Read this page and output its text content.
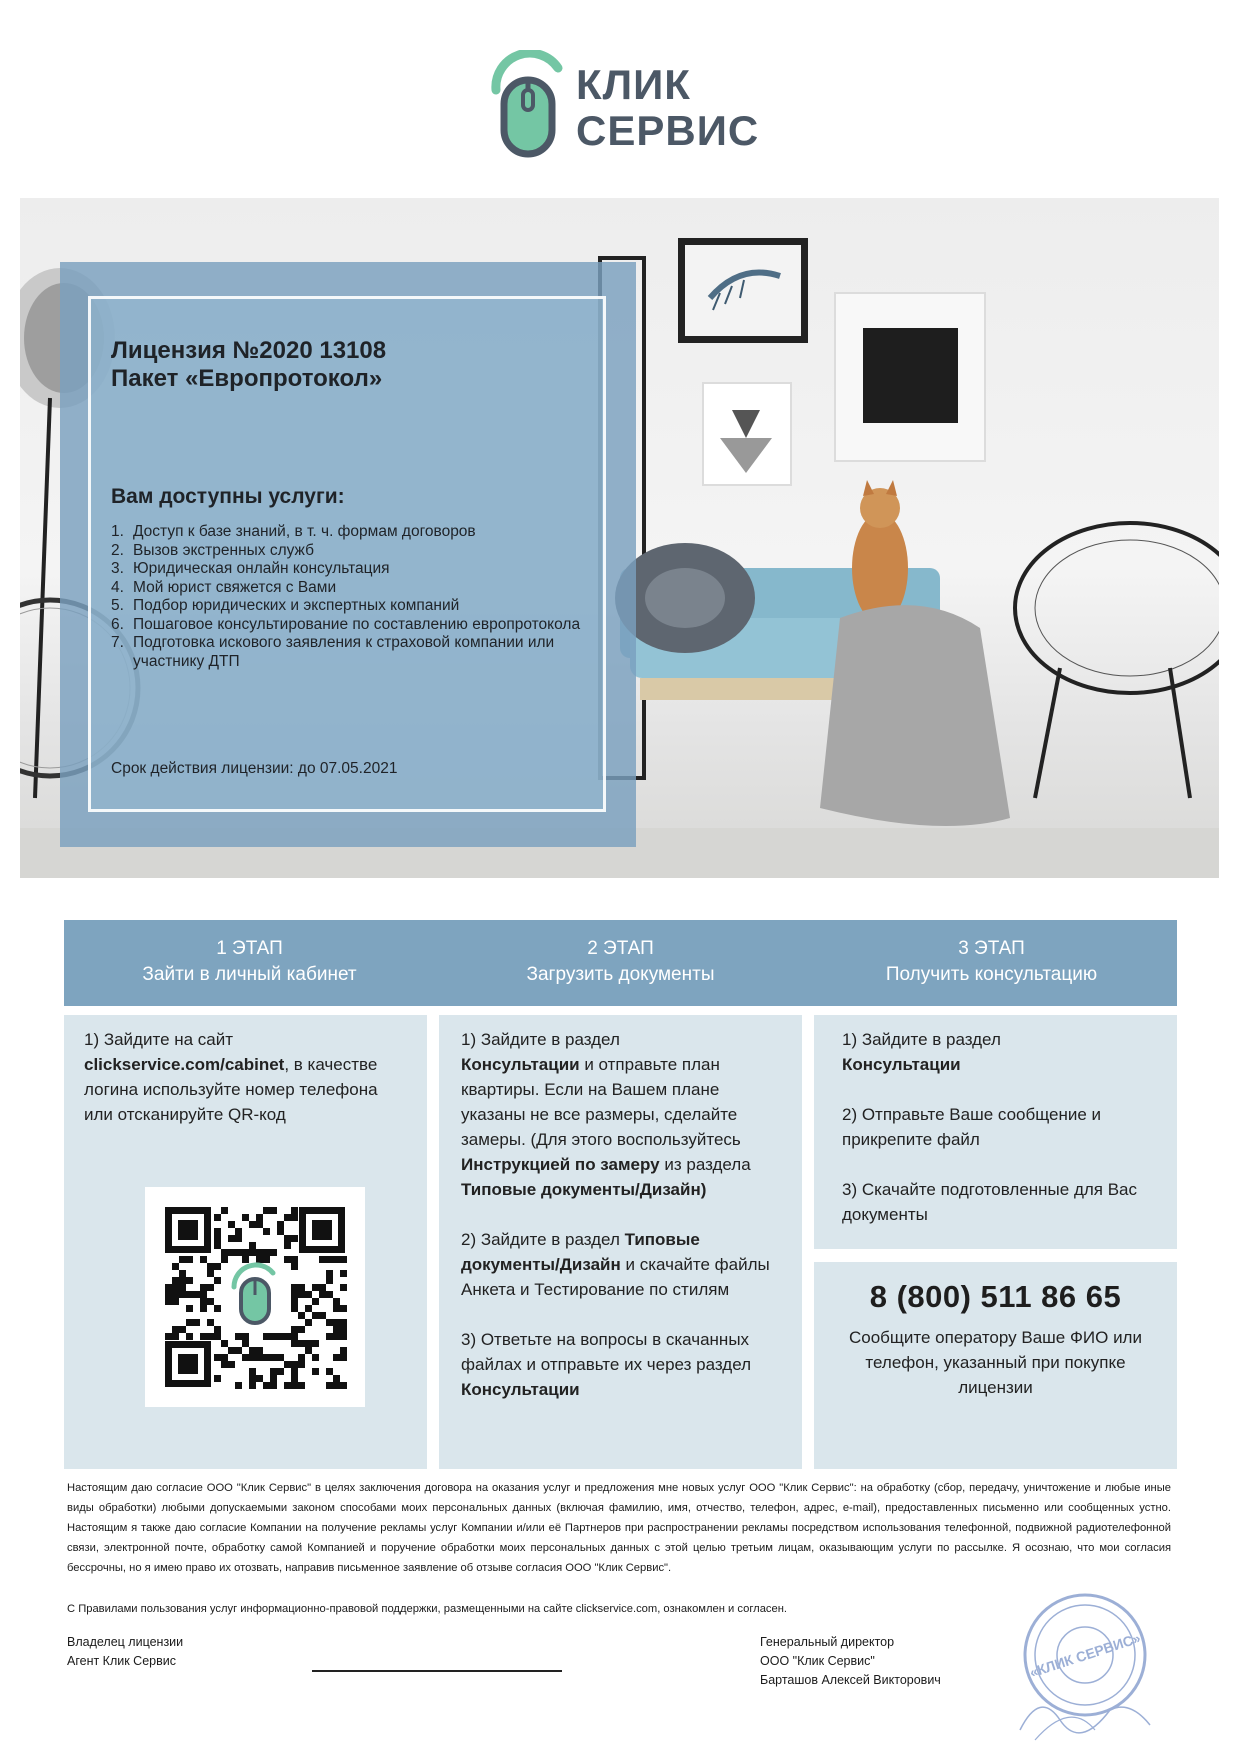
КЛИК
СЕРВИС
Лицензия №2020 13108
Пакет «Европротокол»
Вам доступны услуги:
1. Доступ к базе знаний, в т. ч. формам договоров
2. Вызов экстренных служб
3. Юридическая онлайн консультация
4. Мой юрист свяжется с Вами
5. Подбор юридических и экспертных компаний
6. Пошаговое консультирование по составлению европротокола
7. Подготовка искового заявления к страховой компании или участнику ДТП
Срок действия лицензии: до 07.05.2021
1 ЭТАП
Зайти в личный кабинет
2 ЭТАП
Загрузить документы
3 ЭТАП
Получить консультацию
1) Зайдите на сайт
clickservice.com/cabinet, в качестве логина используйте номер телефона или отсканируйте QR-код
1) Зайдите в раздел
Консультации и отправьте план квартиры. Если на Вашем плане указаны не все размеры, сделайте замеры. (Для этого воспользуйтесь Инструкцией по замеру из раздела Типовые документы/Дизайн)
2) Зайдите в раздел Типовые документы/Дизайн и скачайте файлы Анкета и Тестирование по стилям
3) Ответьте на вопросы в скачанных файлах и отправьте их через раздел Консультации
1) Зайдите в раздел
Консультации
2) Отправьте Ваше сообщение и прикрепите файл
3) Скачайте подготовленные для Вас документы
8 (800) 511 86 65
Сообщите оператору Ваше ФИО или телефон, указанный при покупке лицензии
Настоящим даю согласие ООО "Клик Сервис" в целях заключения договора на оказания услуг и предложения мне новых услуг ООО "Клик Сервис": на обработку (сбор, передачу, уничтожение и любые иные виды обработки) любыми допускаемыми законом способами моих персональных данных (включая фамилию, имя, отчество, телефон, адрес, e-mail), предоставленных письменно или сообщенных устно. Настоящим я также даю согласие Компании на получение рекламы услуг Компании и/или её Партнеров при распространении рекламы посредством использования телефонной, подвижной радиотелефонной связи, электронной почте, обработку самой Компанией и поручение обработки моих персональных данных с этой целью третьим лицам, оказывающим услуги по рассылке. Я осознаю, что мои согласия бессрочны, но я имею право их отозвать, направив письменное заявление об отзыве согласия ООО "Клик Сервис".
С Правилами пользования услуг информационно-правовой поддержки, размещенными на сайте clickservice.com, ознакомлен и согласен.
Владелец лицензии
Агент Клик Сервис
Генеральный директор
ООО "Клик Сервис"
Барташов Алексей Викторович	«КЛИК СЕРВИС»
